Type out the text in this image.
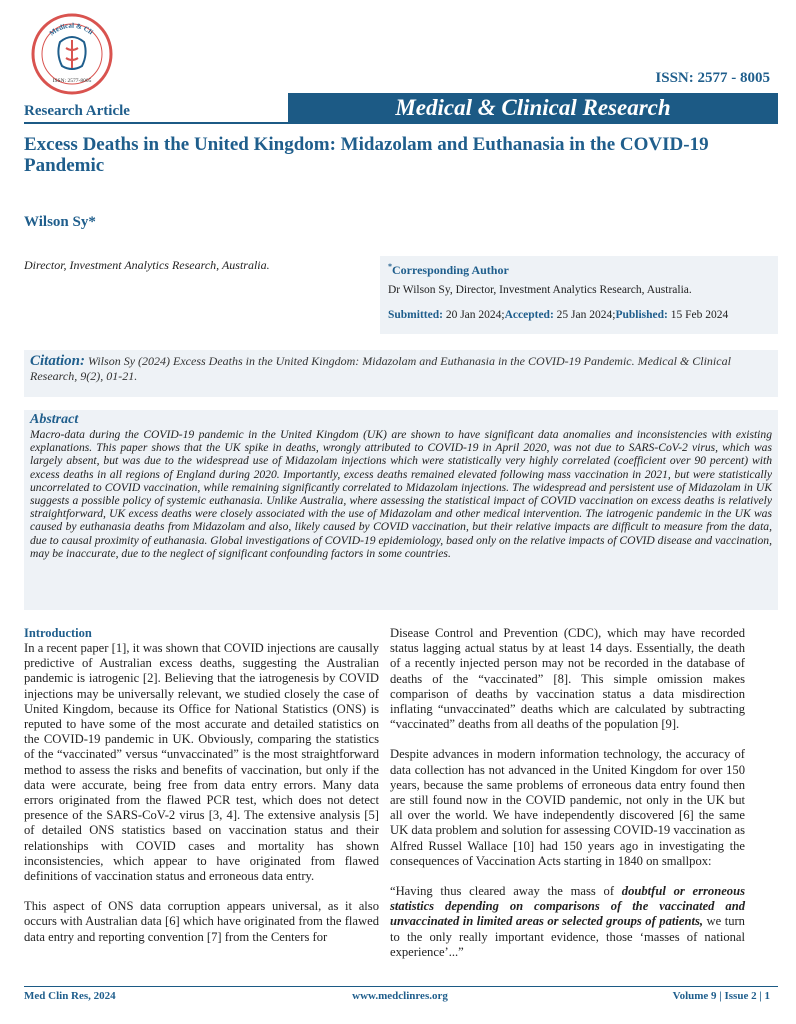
Medical & Cli
ISSN: 2577-8005	ISSN: 2577 - 8005
Research Article	Medical & Clinical Research
Excess Deaths in the United Kingdom: Midazolam and Euthanasia in the COVID-19 Pandemic
Wilson Sy*
Director, Investment Analytics Research, Australia.	*Corresponding Author
Dr Wilson Sy, Director, Investment Analytics Research, Australia.
Submitted: 20 Jan 2024;Accepted: 25 Jan 2024;Published: 15 Feb 2024

Citation: Wilson Sy (2024) Excess Deaths in the United Kingdom: Midazolam and Euthanasia in the COVID-19 Pandemic. Medical & Clinical Research, 9(2), 01-21.

Abstract

Macro-data during the COVID-19 pandemic in the United Kingdom (UK) are shown to have significant data anomalies and inconsistencies with existing explanations. This paper shows that the UK spike in deaths, wrongly attributed to COVID-19 in April 2020, was not due to SARS-CoV-2 virus, which was largely absent, but was due to the widespread use of Midazolam injections which were statistically very highly correlated (coefficient over 90 percent) with excess deaths in all regions of England during 2020. Importantly, excess deaths remained elevated following mass vaccination in 2021, but were statistically uncorrelated to COVID vaccination, while remaining significantly correlated to Midazolam injections. The widespread and persistent use of Midazolam in UK suggests a possible policy of systemic euthanasia. Unlike Australia, where assessing the statistical impact of COVID vaccination on excess deaths is relatively straightforward, UK excess deaths were closely associated with the use of Midazolam and other medical intervention. The iatrogenic pandemic in the UK was caused by euthanasia deaths from Midazolam and also, likely caused by COVID vaccination, but their relative impacts are difficult to measure from the data, due to causal proximity of euthanasia. Global investigations of COVID-19 epidemiology, based only on the relative impacts of COVID disease and vaccination, may be inaccurate, due to the neglect of significant confounding factors in some countries.

Introduction

In a recent paper [1], it was shown that COVID injections are causally predictive of Australian excess deaths, suggesting the Australian pandemic is iatrogenic [2]. Believing that the iatrogenesis by COVID injections may be universally relevant, we studied closely the case of United Kingdom, because its Office for National Statistics (ONS) is reputed to have some of the most accurate and detailed statistics on the COVID-19 pandemic in UK. Obviously, comparing the statistics of the “vaccinated” versus “unvaccinated” is the most straightforward method to assess the risks and benefits of vaccination, but only if the data were accurate, being free from data entry errors. Many data errors originated from the flawed PCR test, which does not detect presence of the SARS-CoV-2 virus [3, 4]. The extensive analysis [5] of detailed ONS statistics based on vaccination status and their relationships with COVID cases and mortality has shown inconsistencies, which appear to have originated from flawed definitions of vaccination status and erroneous data entry.

This aspect of ONS data corruption appears universal, as it also occurs with Australian data [6] which have originated from the flawed data entry and reporting convention [7] from the Centers for

Disease Control and Prevention (CDC), which may have recorded status lagging actual status by at least 14 days. Essentially, the death of a recently injected person may not be recorded in the database of deaths of the “vaccinated” [8]. This simple omission makes comparison of deaths by vaccination status a data misdirection inflating “unvaccinated” deaths which are calculated by subtracting “vaccinated” deaths from all deaths of the population [9].

Despite advances in modern information technology, the accuracy of data collection has not advanced in the United Kingdom for over 150 years, because the same problems of erroneous data entry found then are still found now in the COVID pandemic, not only in the UK but all over the world. We have independently discovered [6] the same UK data problem and solution for assessing COVID-19 vaccination as Alfred Russel Wallace [10] had 150 years ago in investigating the consequences of Vaccination Acts starting in 1840 on smallpox:

“Having thus cleared away the mass of doubtful or erroneous statistics depending on comparisons of the vaccinated and unvaccinated in limited areas or selected groups of patients, we turn to the only really important evidence, those ‘masses of national experience’...”

Med Clin Res, 2024	www.medclinres.org	Volume 9 | Issue 2 | 1
